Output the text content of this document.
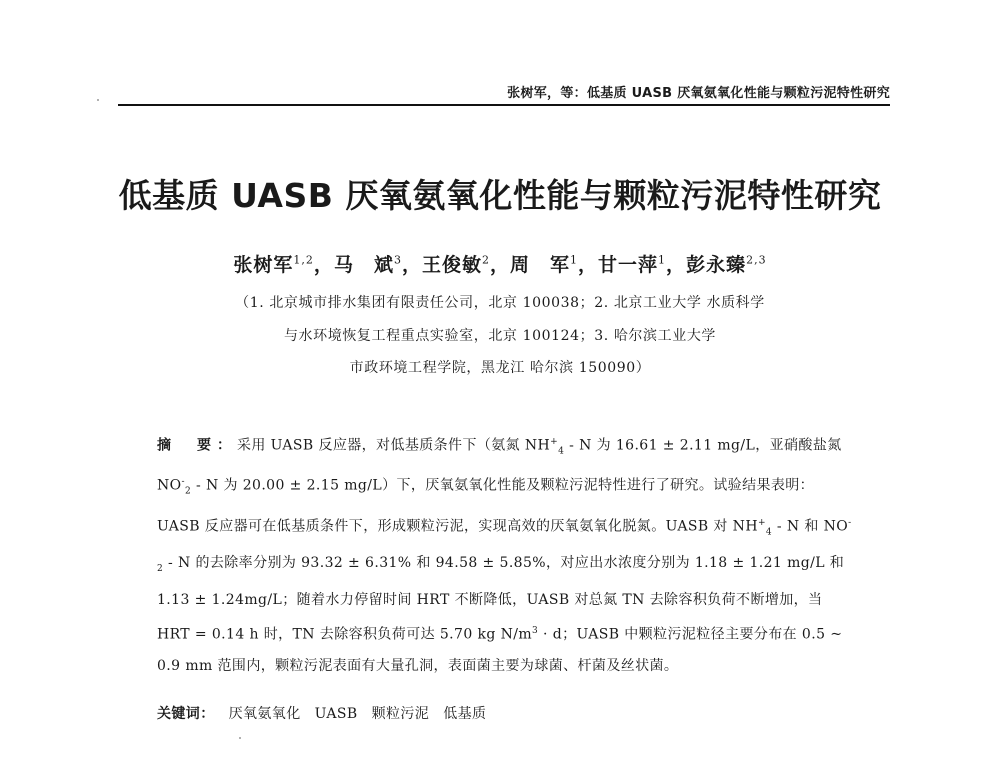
张树军，等：低基质 UASB 厌氧氨氧化性能与颗粒污泥特性研究
低基质 UASB 厌氧氨氧化性能与颗粒污泥特性研究
张树军$^{1,2}$，马　斌$^3$，王俊敏$^2$，周　军$^1$，甘一萍$^1$，彭永臻$^{2,3}$
（1. 北京城市排水集团有限责任公司，北京 100038；2. 北京工业大学 水质科学
与水环境恢复工程重点实验室，北京 100124；3. 哈尔滨工业大学
市政环境工程学院，黑龙江 哈尔滨 150090）
摘　要：采用 UASB 反应器，对低基质条件下（氨氮 $NH^+_4$ - N 为 16.61 ± 2.11 mg/L，亚硝酸盐氮 $NO^-_2$ - N 为 20.00 ± 2.15 mg/L）下，厌氧氨氧化性能及颗粒污泥特性进行了研究。试验结果表明：UASB 反应器可在低基质条件下，形成颗粒污泥，实现高效的厌氧氨氧化脱氮。UASB 对 $NH^+_4$ - N 和 $NO^-_2$ - N 的去除率分别为 93.32 ± 6.31% 和 94.58 ± 5.85%，对应出水浓度分别为 1.18 ± 1.21 mg/L 和 1.13 ± 1.24mg/L；随着水力停留时间 HRT 不断降低，UASB 对总氮 TN 去除容积负荷不断增加，当 HRT = 0.14 h 时，TN 去除容积负荷可达 5.70 kg $N/m^3 \cdot d$；UASB 中颗粒污泥粒径主要分布在 0.5 ~ 0.9 mm 范围内，颗粒污泥表面有大量孔洞，表面菌主要为球菌、杆菌及丝状菌。
关键词： 厌氧氨氧化 UASB 颗粒污泥 低基质
